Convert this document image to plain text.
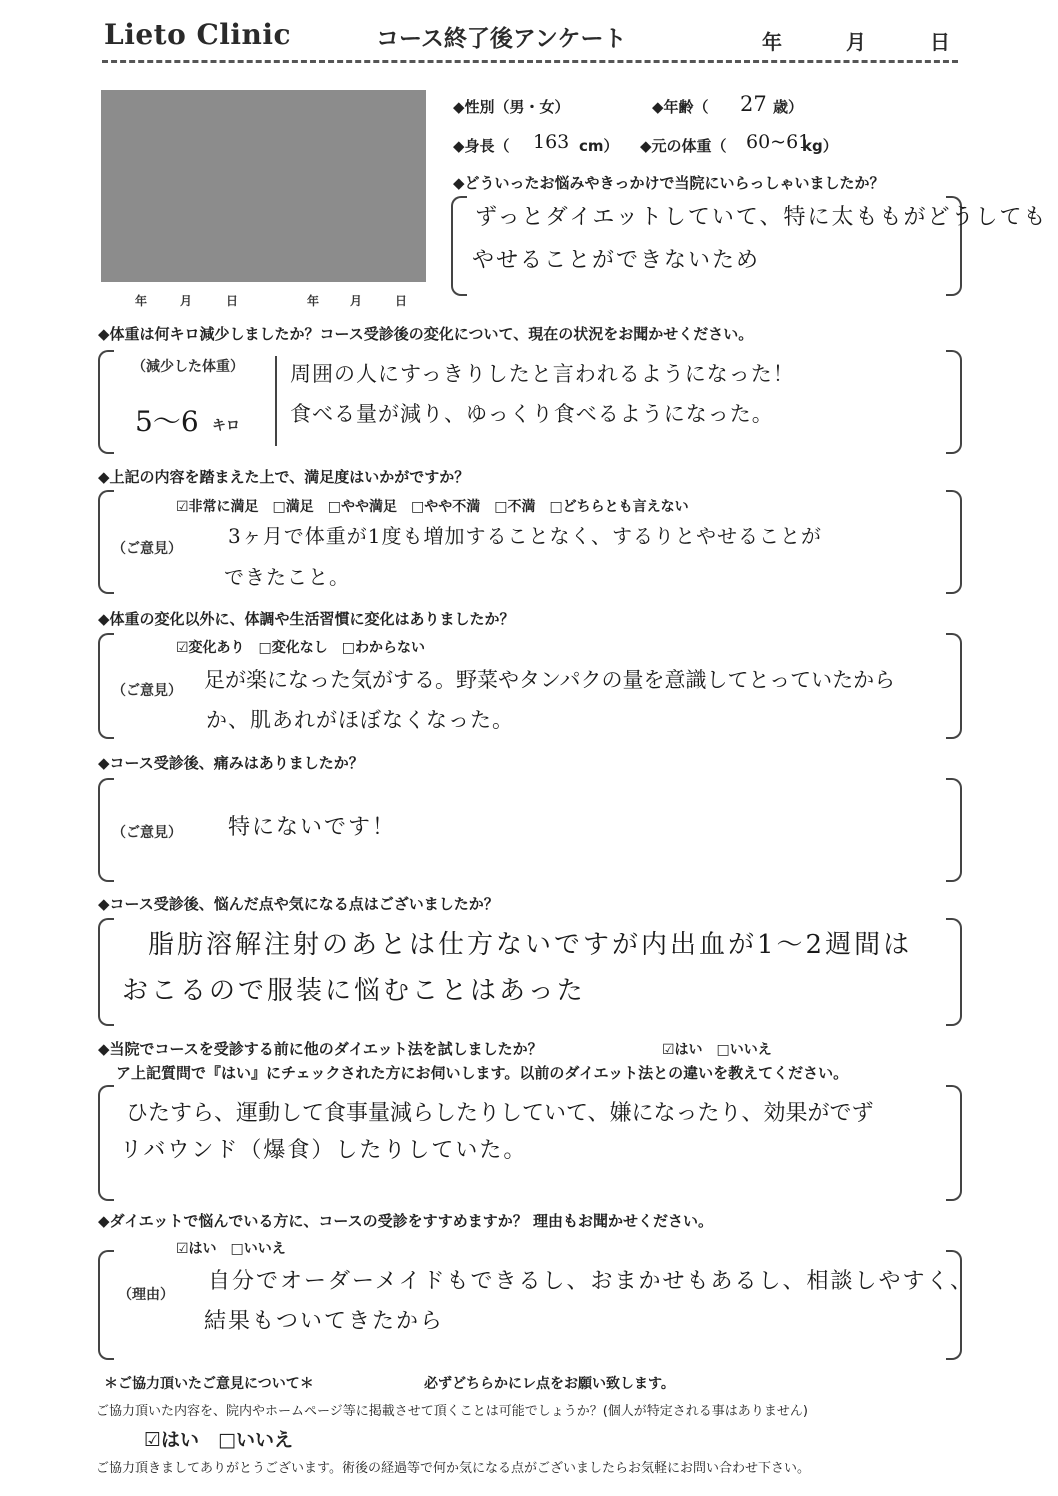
Lieto Clinic	コース終了後アンケート	年	月	日
年	月	日	年	月	日
◆性別（男・女）	◆年齢（ 27 歳）
◆身長（ 163 cm） ◆元の体重（ 60~61
kg）
◆どういったお悩みやきっかけで当院にいらっしゃいましたか？
ずっとダイエットしていて、特に太ももがどうしても
やせることができないため
◆体重は何キロ減少しましたか？コース受診後の変化について、現在の状況をお聞かせください。
（減少した体重）
5〜6 キロ
周囲の人にすっきりしたと言われるようになった！
食べる量が減り、ゆっくり食べるようになった。
◆上記の内容を踏まえた上で、満足度はいかがですか？
☑非常に満足　□満足　□やや満足　□やや不満　□不満　□どちらとも言えない
（ご意見）
3ヶ月で体重が1度も増加することなく、するりとやせることが
できたこと。
◆体重の変化以外に、体調や生活習慣に変化はありましたか？
☑変化あり　□変化なし　□わからない
（ご意見） 足が楽になった気がする。野菜やタンパクの量を意識してとっていたから
か、肌あれがほぼなくなった。
◆コース受診後、痛みはありましたか？
（ご意見） 特にないです！
◆コース受診後、悩んだ点や気になる点はございましたか？
脂肪溶解注射のあとは仕方ないですが内出血が1〜2週間は
おこるので服装に悩むことはあった
◆当院でコースを受診する前に他のダイエット法を試しましたか？	☑はい　□いいえ
ア上記質問で『はい』にチェックされた方にお伺いします。以前のダイエット法との違いを教えてください。
ひたすら、運動して食事量減らしたりしていて、嫌になったり、効果がでず
リバウンド（爆食）したりしていた。
◆ダイエットで悩んでいる方に、コースの受診をすすめますか？ 理由もお聞かせください。
☑はい　□いいえ
（理由）
自分でオーダーメイドもできるし、おまかせもあるし、相談しやすく、
結果もついてきたから
＊ご協力頂いたご意見について＊	必ずどちらかにレ点をお願い致します。
ご協力頂いた内容を、院内やホームページ等に掲載させて頂くことは可能でしょうか？(個人が特定される事はありません)
☑はい　□いいえ
ご協力頂きましてありがとうございます。術後の経過等で何か気になる点がございましたらお気軽にお問い合わせ下さい。
